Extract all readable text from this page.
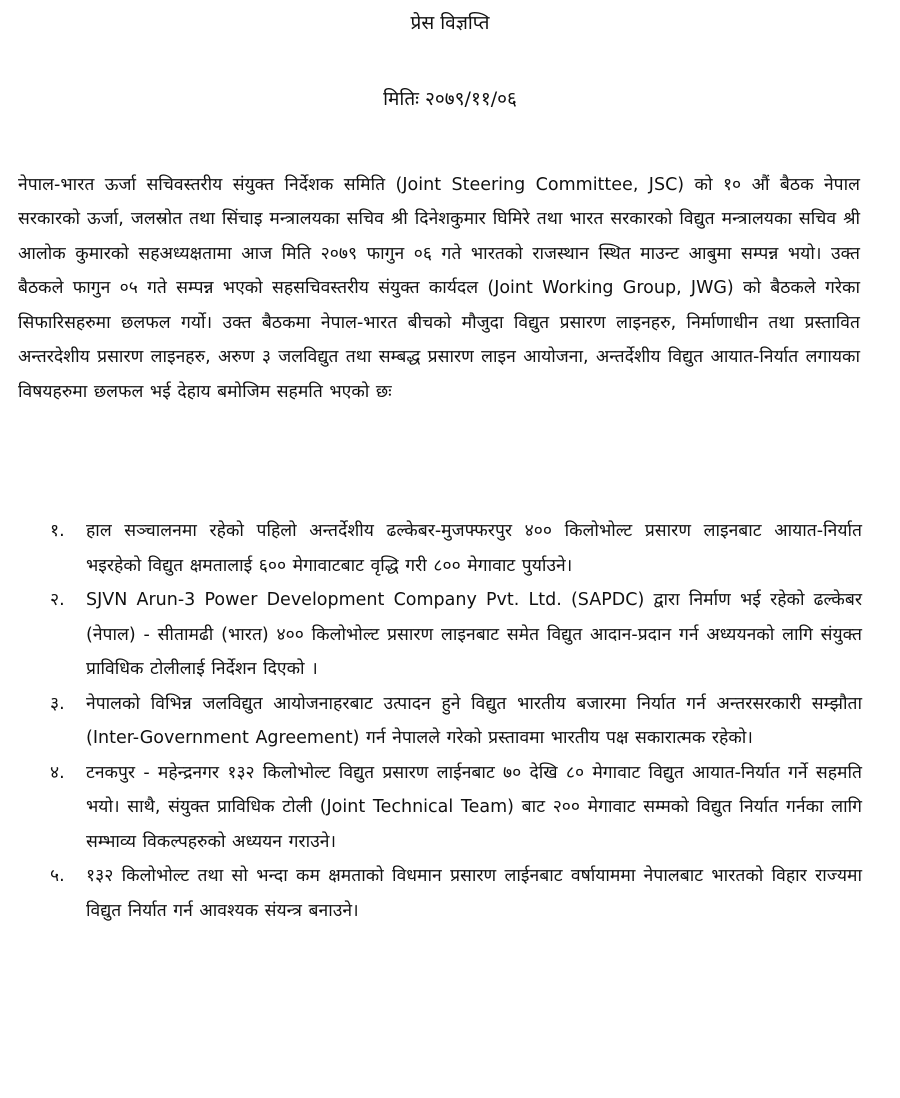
प्रेस विज्ञप्ति
मितिः २०७९/११/०६

नेपाल-भारत ऊर्जा सचिवस्तरीय संयुक्त निर्देशक समिति (Joint Steering Committee, JSC) को १० औं बैठक नेपाल सरकारको ऊर्जा, जलस्रोत तथा सिंचाइ मन्त्रालयका सचिव श्री दिनेशकुमार घिमिरे तथा भारत सरकारको विद्युत मन्त्रालयका सचिव श्री आलोक कुमारको सहअध्यक्षतामा आज मिति २०७९ फागुन ०६ गते भारतको राजस्थान स्थित माउन्ट आबुमा सम्पन्न भयो। उक्त बैठकले फागुन ०५ गते सम्पन्न भएको सहसचिवस्तरीय संयुक्त कार्यदल (Joint Working Group, JWG) को बैठकले गरेका सिफारिसहरुमा छलफल गर्यो। उक्त बैठकमा नेपाल-भारत बीचको मौजुदा विद्युत प्रसारण लाइनहरु, निर्माणाधीन तथा प्रस्तावित अन्तरदेशीय प्रसारण लाइनहरु, अरुण ३ जलविद्युत तथा सम्बद्ध प्रसारण लाइन आयोजना, अन्तर्देशीय विद्युत आयात-निर्यात लगायका विषयहरुमा छलफल भई देहाय बमोजिम सहमति भएको छः

१.	हाल सञ्चालनमा रहेको पहिलो अन्तर्देशीय ढल्केबर-मुजफ्फरपुर ४०० किलोभोल्ट प्रसारण लाइनबाट आयात-निर्यात भइरहेको विद्युत क्षमतालाई ६०० मेगावाटबाट वृद्धि गरी ८०० मेगावाट पुर्याउने।
२.	SJVN Arun-3 Power Development Company Pvt. Ltd. (SAPDC) द्वारा निर्माण भई रहेको ढल्केबर (नेपाल) - सीतामढी (भारत) ४०० किलोभोल्ट प्रसारण लाइनबाट समेत विद्युत आदान-प्रदान गर्न अध्ययनको लागि संयुक्त प्राविधिक टोलीलाई निर्देशन दिएको ।
३.	नेपालको विभिन्न जलविद्युत आयोजनाहरबाट उत्पादन हुने विद्युत भारतीय बजारमा निर्यात गर्न अन्तरसरकारी सम्झौता (Inter-Government Agreement) गर्न नेपालले गरेको प्रस्तावमा भारतीय पक्ष सकारात्मक रहेको।
४.	टनकपुर - महेन्द्रनगर १३२ किलोभोल्ट विद्युत प्रसारण लाईनबाट ७० देखि ८० मेगावाट विद्युत आयात-निर्यात गर्ने सहमति भयो। साथै, संयुक्त प्राविधिक टोली (Joint Technical Team) बाट २०० मेगावाट सम्मको विद्युत निर्यात गर्नका लागि सम्भाव्य विकल्पहरुको अध्ययन गराउने।
५.	१३२ किलोभोल्ट तथा सो भन्दा कम क्षमताको विधमान प्रसारण लाईनबाट वर्षायाममा नेपालबाट भारतको विहार राज्यमा विद्युत निर्यात गर्न आवश्यक संयन्त्र बनाउने।
